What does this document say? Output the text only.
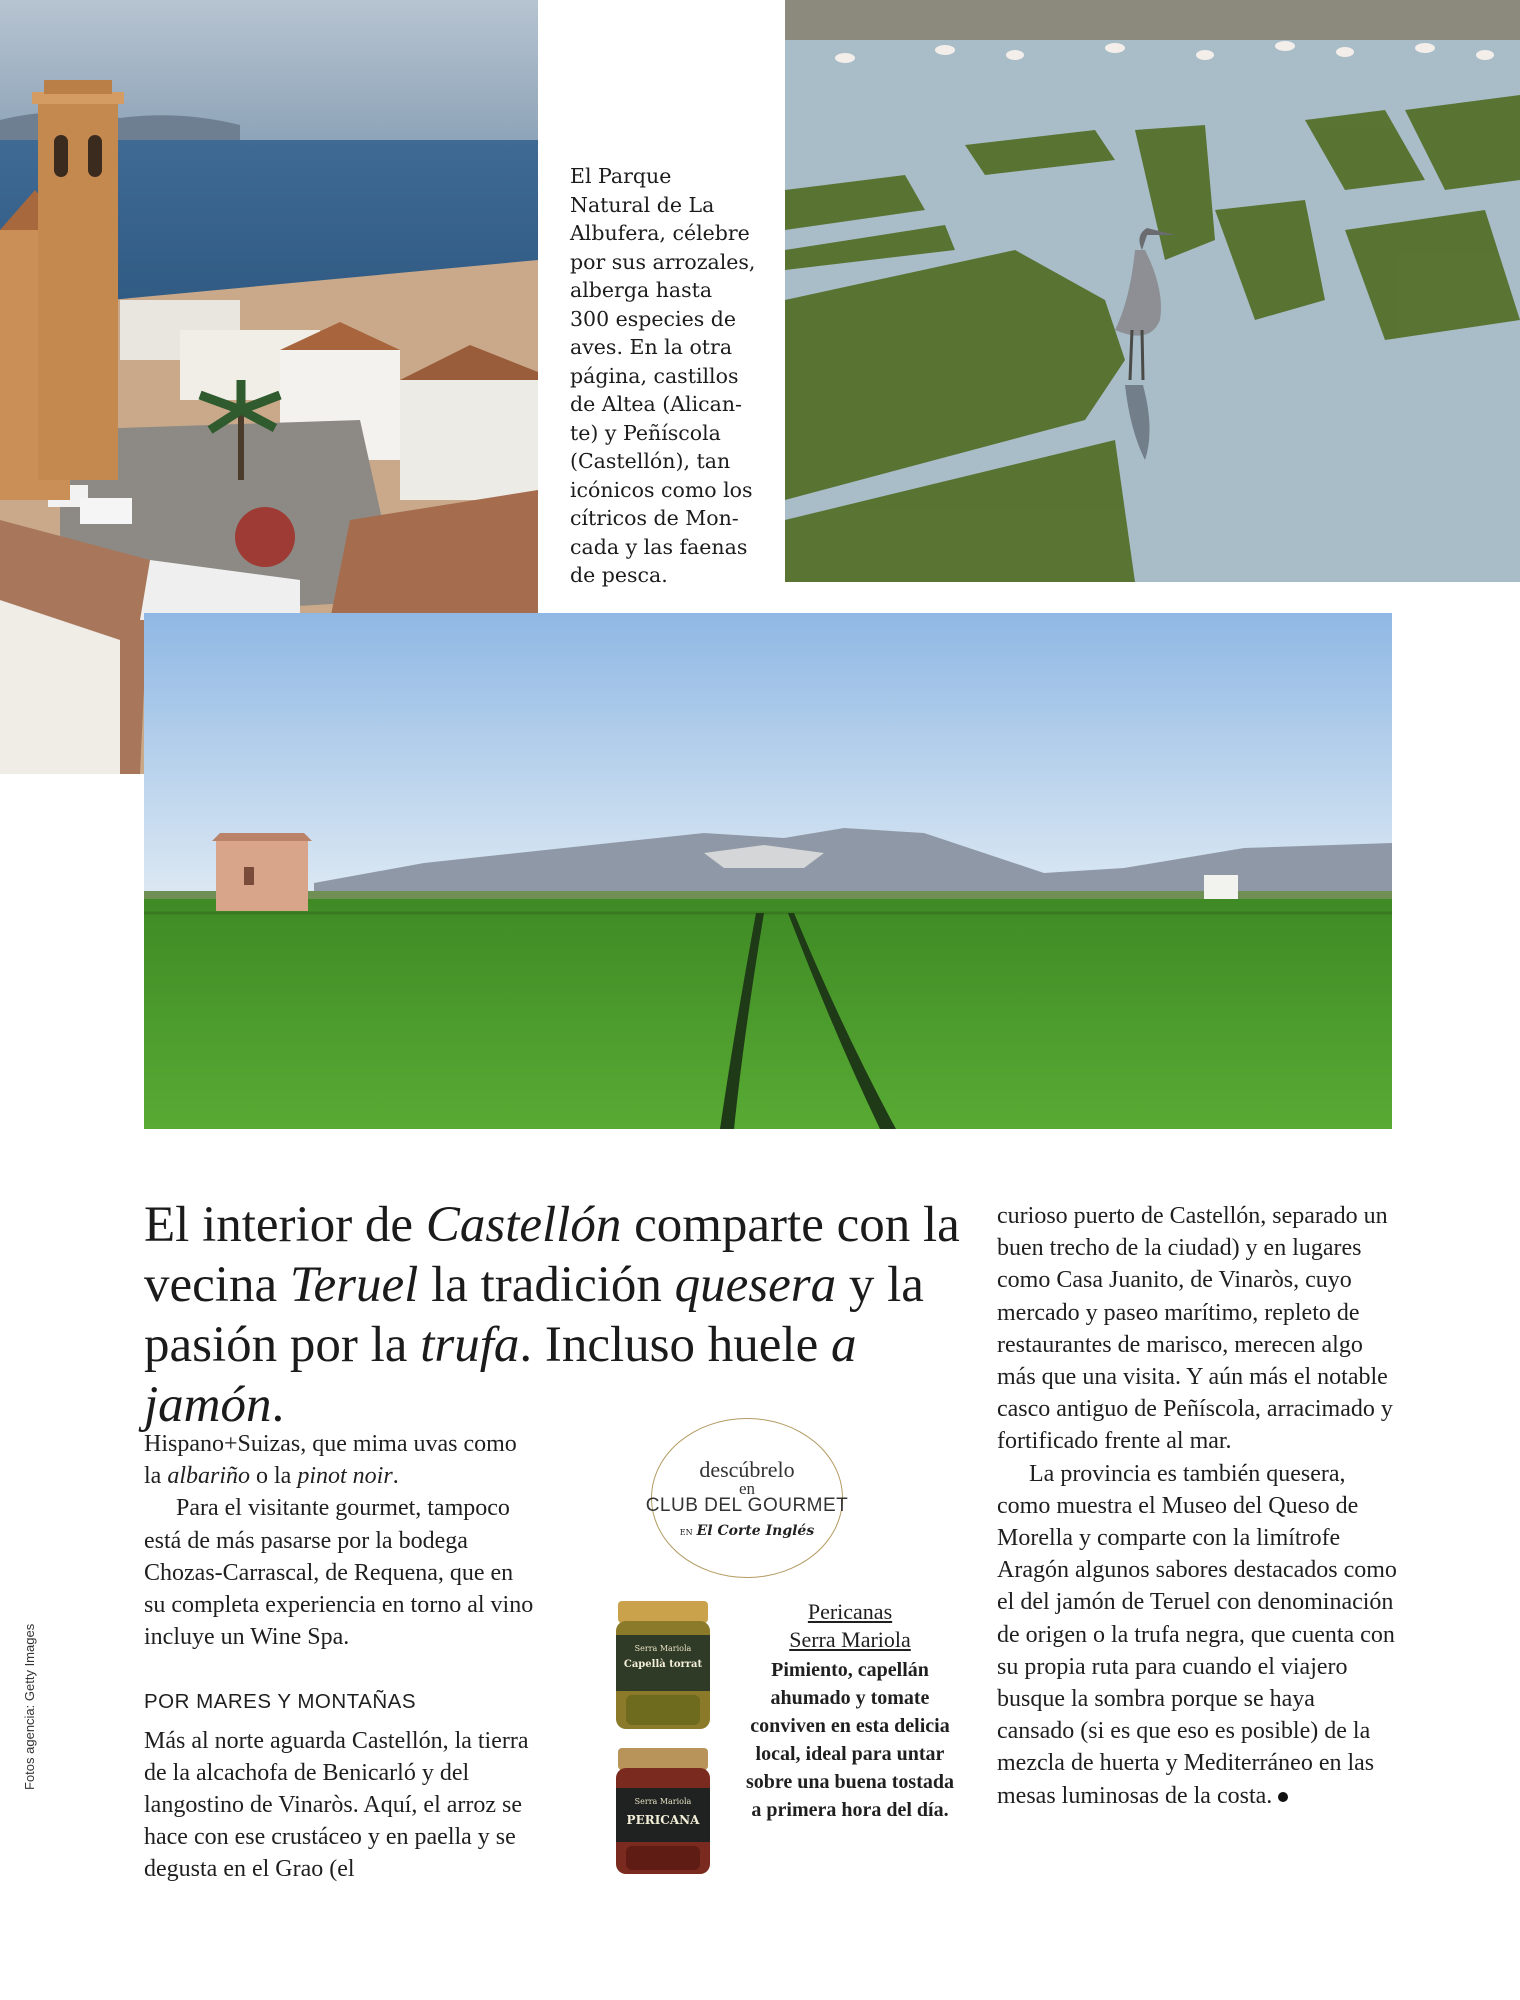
El Parque
Natural de La
Albufera, célebre
por sus arrozales,
alberga hasta
300 especies de
aves. En la otra
página, castillos
de Altea (Alican-
te) y Peñíscola
(Castellón), tan
icónicos como los
cítricos de Mon-
cada y las faenas
de pesca.
El interior de Castellón comparte con la vecina Teruel la tradición quesera y la pasión por la trufa. Incluso huele a jamón.

Hispano+Suizas, que mima uvas como la albariño o la pinot noir.

Para el visitante gourmet, tampoco está de más pasarse por la bodega Chozas-Carrascal, de Requena, que en su completa experiencia en torno al vino incluye un Wine Spa.

POR MARES Y MONTAÑAS

Más al norte aguarda Castellón, la tierra de la alcachofa de Benicarló y del langostino de Vinaròs. Aquí, el arroz se hace con ese crustáceo y en paella y se degusta en el Grao (el

curioso puerto de Castellón, separado un buen trecho de la ciudad) y en lugares como Casa Juanito, de Vinaròs, cuyo mercado y paseo marítimo, repleto de restaurantes de marisco, merecen algo más que una visita. Y aún más el notable casco antiguo de Peñíscola, arracimado y fortificado frente al mar.

La provincia es también quesera, como muestra el Museo del Queso de Morella y comparte con la limítrofe Aragón algunos sabores destacados como el del jamón de Teruel con denominación de origen o la trufa negra, que cuenta con su propia ruta para cuando el viajero busque la sombra porque se haya cansado (si es que eso es posible) de la mezcla de huerta y Mediterráneo en las mesas luminosas de la costa.

Fotos agencia: Getty Images
descúbrelo
en
CLUB DEL GOURMET
EN El Corte Inglés
Serra Mariola
Capellà torrat
Serra Mariola
PERICANA
Pericanas
Serra Mariola

Pimiento, capellán ahumado y tomate conviven en esta delicia local, ideal para untar sobre una buena tostada a primera hora del día.
